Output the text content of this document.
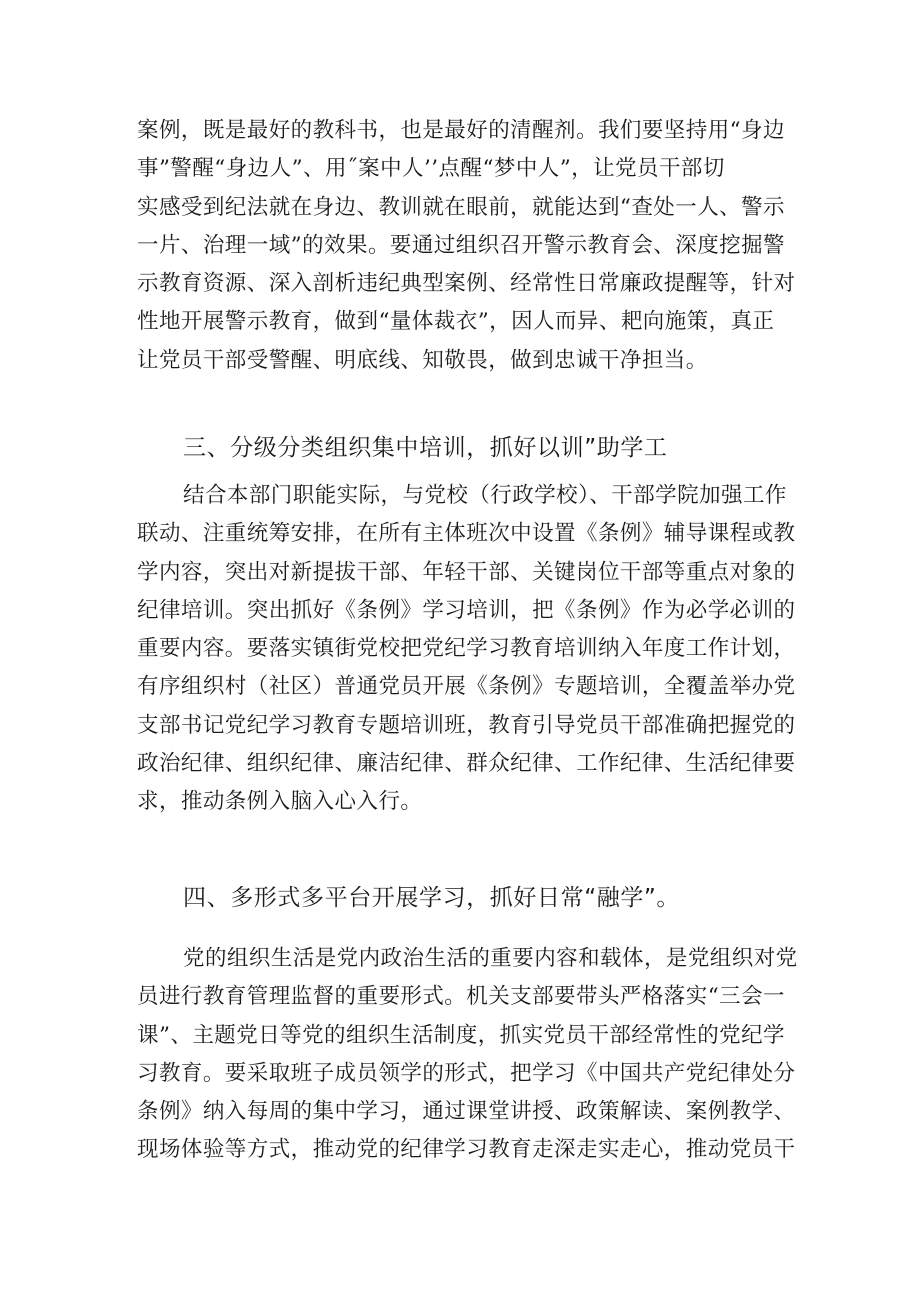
案例，既是最好的教科书，也是最好的清醒剂。我们要坚持用“身边
事”警醒“身边人”、用˝案中人’’点醒“梦中人”，让党员干部切
实感受到纪法就在身边、教训就在眼前，就能达到“查处一人、警示
一片、治理一域”的效果。要通过组织召开警示教育会、深度挖掘警
示教育资源、深入剖析违纪典型案例、经常性日常廉政提醒等，针对
性地开展警示教育，做到“量体裁衣”，因人而异、耙向施策，真正
让党员干部受警醒、明底线、知敬畏，做到忠诚干净担当。

三、分级分类组织集中培训，抓好以训”助学工

结合本部门职能实际，与党校（行政学校）、干部学院加强工作
联动、注重统筹安排，在所有主体班次中设置《条例》辅导课程或教
学内容，突出对新提拔干部、年轻干部、关键岗位干部等重点对象的
纪律培训。突出抓好《条例》学习培训，把《条例》作为必学必训的
重要内容。要落实镇街党校把党纪学习教育培训纳入年度工作计划，
有序组织村（社区）普通党员开展《条例》专题培训，全覆盖举办党
支部书记党纪学习教育专题培训班，教育引导党员干部准确把握党的
政治纪律、组织纪律、廉洁纪律、群众纪律、工作纪律、生活纪律要
求，推动条例入脑入心入行。

四、多形式多平台开展学习，抓好日常“融学”。

党的组织生活是党内政治生活的重要内容和载体，是党组织对党
员进行教育管理监督的重要形式。机关支部要带头严格落实“三会一
课”、主题党日等党的组织生活制度，抓实党员干部经常性的党纪学
习教育。要采取班子成员领学的形式，把学习《中国共产党纪律处分
条例》纳入每周的集中学习，通过课堂讲授、政策解读、案例教学、
现场体验等方式，推动党的纪律学习教育走深走实走心，推动党员干
